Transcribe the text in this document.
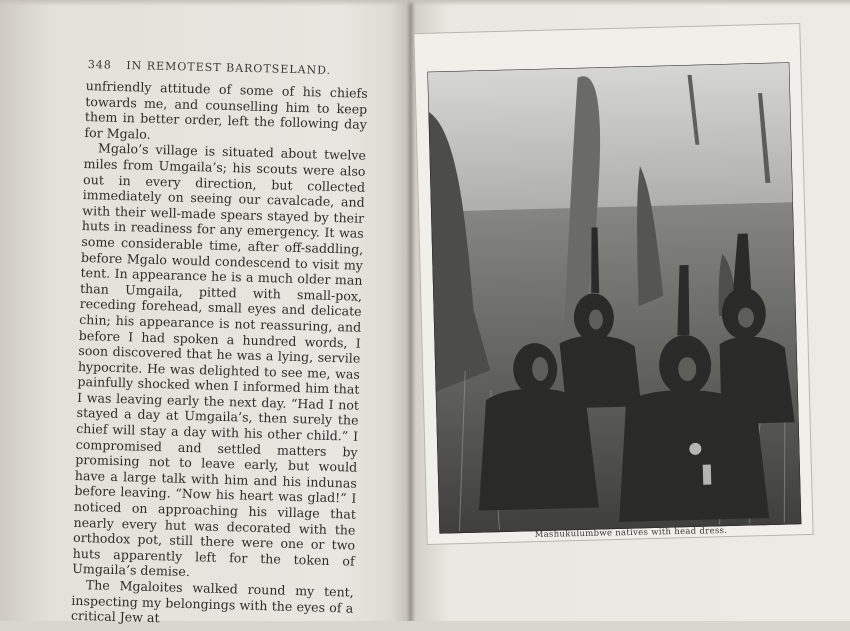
348 IN REMOTEST BAROTSELAND.

unfriendly attitude of some of his chiefs towards me, and counselling him to keep them in better order, left the following day for Mgalo.

Mgalo’s village is situated about twelve miles from Umgaila’s; his scouts were also out in every direction, but collected immediately on seeing our cavalcade, and with their well-made spears stayed by their huts in readiness for any emergency. It was some considerable time, after off-saddling, before Mgalo would condescend to visit my tent. In appearance he is a much older man than Umgaila, pitted with small-pox, receding forehead, small eyes and delicate chin; his appearance is not reassuring, and before I had spoken a hundred words, I soon discovered that he was a lying, servile hypocrite. He was delighted to see me, was painfully shocked when I informed him that I was leaving early the next day. “Had I not stayed a day at Umgaila’s, then surely the chief will stay a day with his other child.” I compromised and settled matters by promising not to leave early, but would have a large talk with him and his indunas before leaving. “Now his heart was glad!” I noticed on approaching his village that nearly every hut was decorated with the orthodox pot, still there were one or two huts apparently left for the token of Umgaila’s demise.

The Mgaloites walked round my tent, inspecting my belongings with the eyes of a critical Jew at

Mashukulumbwe natives with head dress.
